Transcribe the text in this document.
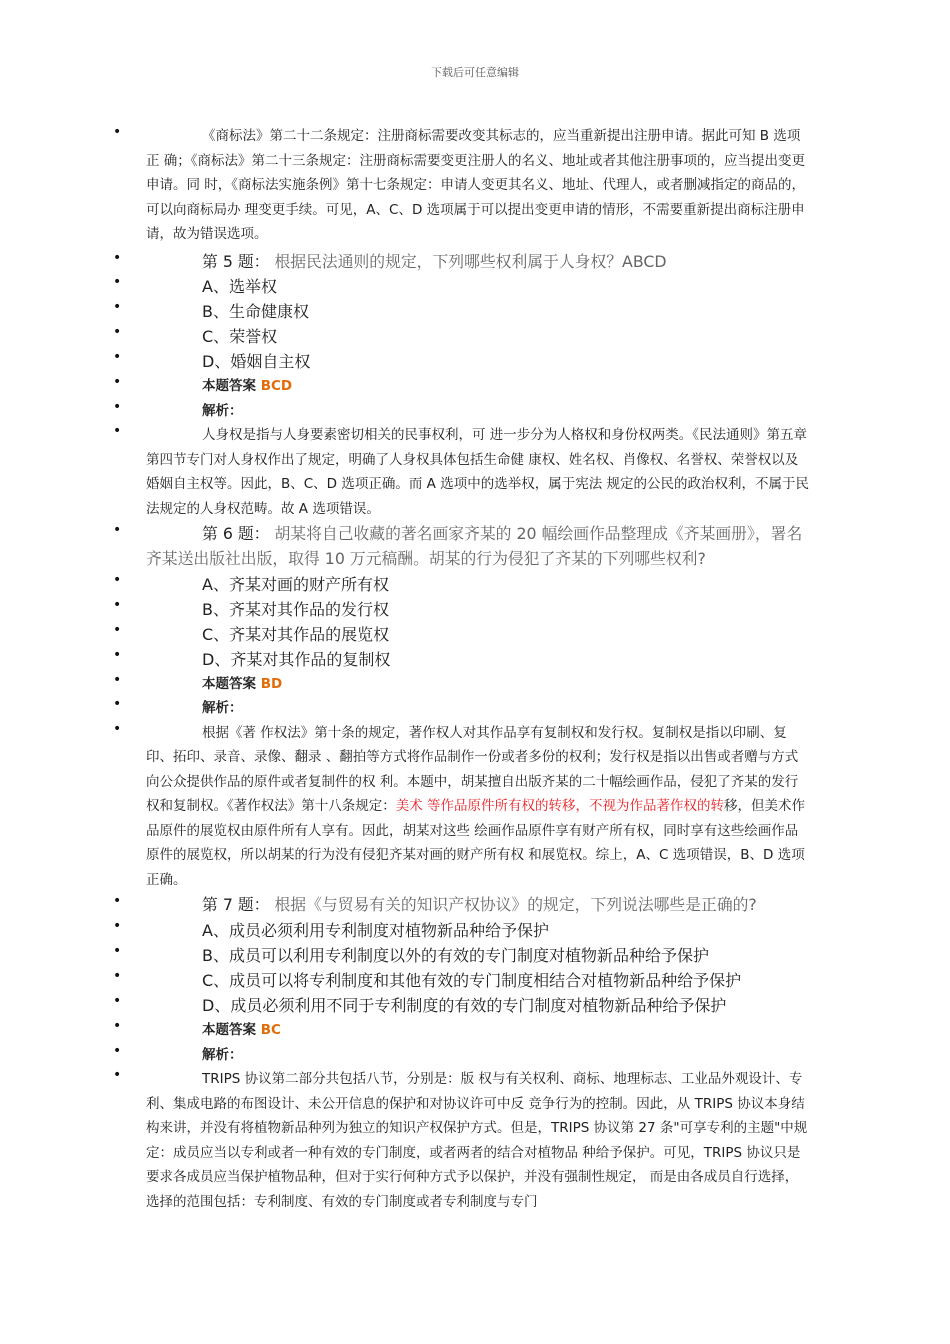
下载后可任意编辑
• 《商标法》第二十二条规定：注册商标需要改变其标志的，应当重新提出注册申请。据此可知 B 选项正 确；《商标法》第二十三条规定：注册商标需要变更注册人的名义、地址或者其他注册事项的，应当提出变更申请。同 时，《商标法实施条例》第十七条规定：申请人变更其名义、地址、代理人，或者删减指定的商品的，可以向商标局办 理变更手续。可见，A、C、D 选项属于可以提出变更申请的情形，不需要重新提出商标注册申请，故为错误选项。
• 第 5 题： 根据民法通则的规定，下列哪些权利属于人身权？ABCD
• A、选举权
• B、生命健康权
• C、荣誉权
• D、婚姻自主权
• 本题答案 BCD
• 解析：
• 人身权是指与人身要素密切相关的民事权利，可 进一步分为人格权和身份权两类。《民法通则》第五章第四节专门对人身权作出了规定，明确了人身权具体包括生命健 康权、姓名权、肖像权、名誉权、荣誉权以及婚姻自主权等。因此，B、C、D 选项正确。而 A 选项中的选举权，属于宪法 规定的公民的政治权利，不属于民法规定的人身权范畴。故 A 选项错误。
• 第 6 题： 胡某将自己收藏的著名画家齐某的 20 幅绘画作品整理成《齐某画册》，署名齐某送出版社出版，取得 10 万元稿酬。胡某的行为侵犯了齐某的下列哪些权利?
• A、齐某对画的财产所有权
• B、齐某对其作品的发行权
• C、齐某对其作品的展览权
• D、齐某对其作品的复制权
• 本题答案 BD
• 解析：
• 根据《著 作权法》第十条的规定，著作权人对其作品享有复制权和发行权。复制权是指以印刷、复印、拓印、录音、录像、翻录 、翻拍等方式将作品制作一份或者多份的权利；发行权是指以出售或者赠与方式向公众提供作品的原件或者复制件的权 利。本题中，胡某擅自出版齐某的二十幅绘画作品，侵犯了齐某的发行权和复制权。《著作权法》第十八条规定：美术 等作品原件所有权的转移，不视为作品著作权的转移，但美术作品原件的展览权由原件所有人享有。因此，胡某对这些 绘画作品原件享有财产所有权，同时享有这些绘画作品原件的展览权，所以胡某的行为没有侵犯齐某对画的财产所有权 和展览权。综上，A、C 选项错误，B、D 选项正确。
• 第 7 题： 根据《与贸易有关的知识产权协议》的规定，下列说法哪些是正确的?
• A、成员必须利用专利制度对植物新品种给予保护
• B、成员可以利用专利制度以外的有效的专门制度对植物新品种给予保护
• C、成员可以将专利制度和其他有效的专门制度相结合对植物新品种给予保护
• D、成员必须利用不同于专利制度的有效的专门制度对植物新品种给予保护
• 本题答案 BC
• 解析：
• TRIPS 协议第二部分共包括八节，分别是：版 权与有关权利、商标、地理标志、工业品外观设计、专利、集成电路的布图设计、未公开信息的保护和对协议许可中反 竞争行为的控制。因此，从 TRIPS 协议本身结构来讲，并没有将植物新品种列为独立的知识产权保护方式。但是，TRIPS 协议第 27 条"可享专利的主题"中规定：成员应当以专利或者一种有效的专门制度，或者两者的结合对植物品 种给予保护。可见，TRIPS 协议只是要求各成员应当保护植物品种，但对于实行何种方式予以保护，并没有强制性规定， 而是由各成员自行选择，选择的范围包括：专利制度、有效的专门制度或者专利制度与专门
